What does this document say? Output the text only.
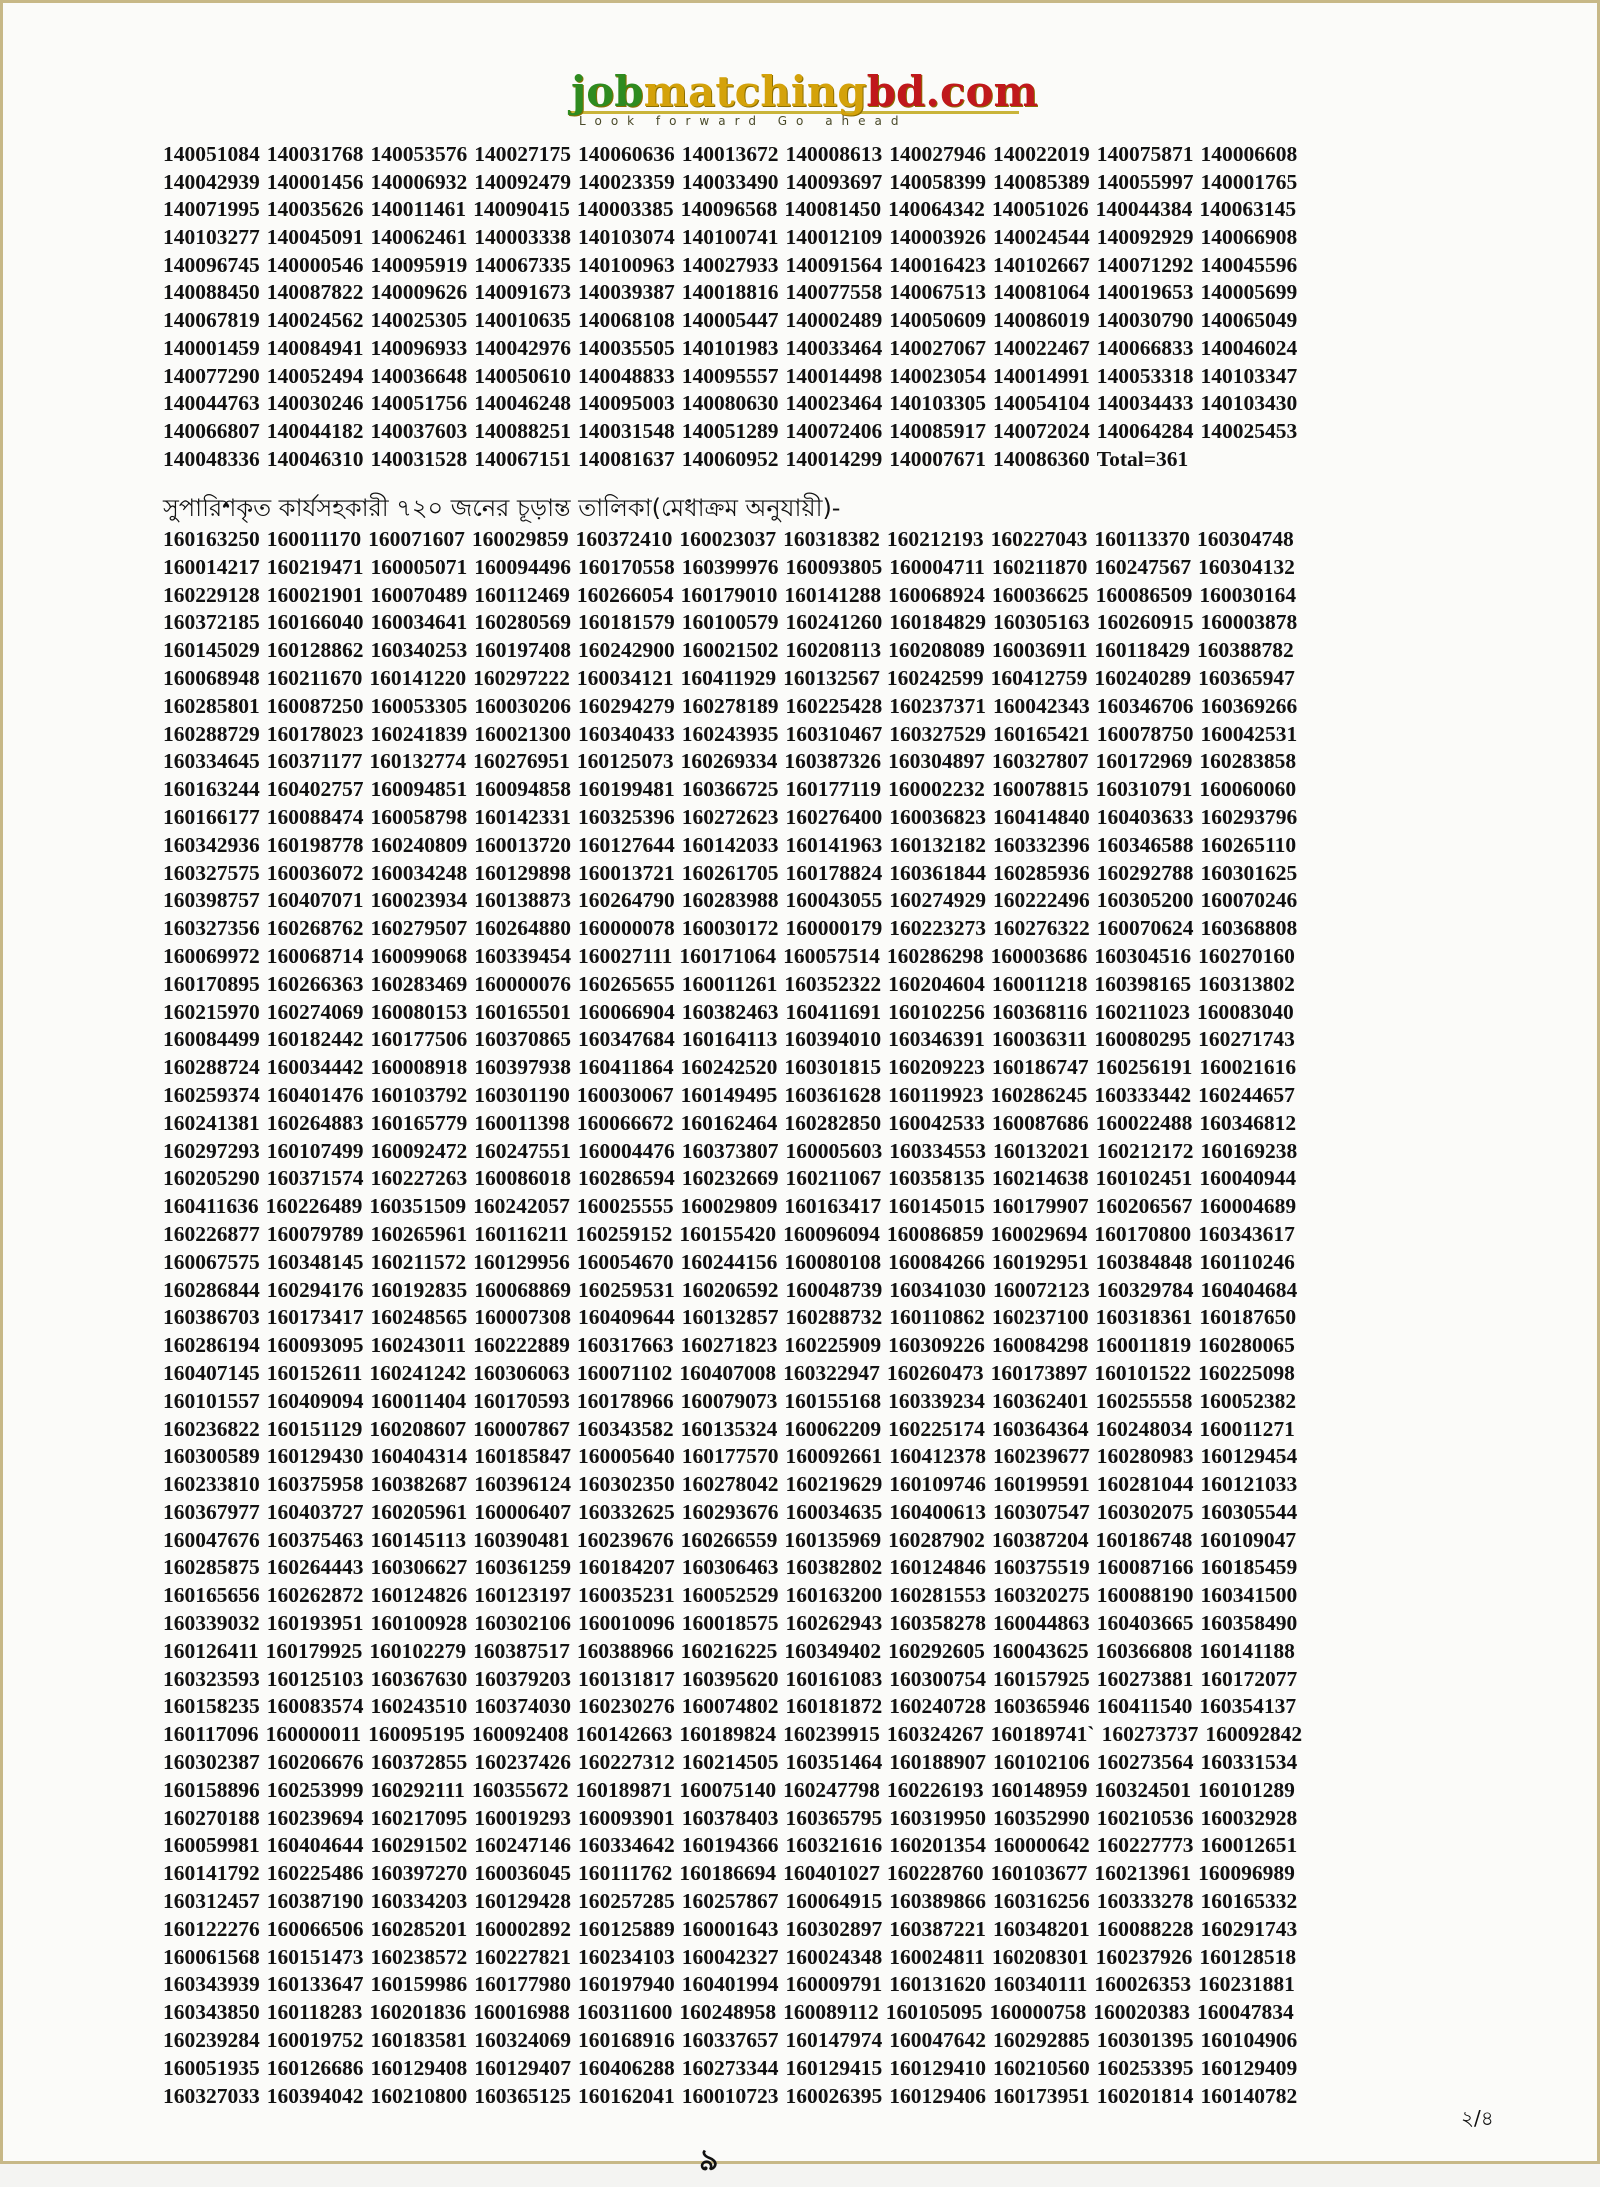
jobmatchingbd.com
Look forward Go ahead
140051084 140031768 140053576 140027175 140060636 140013672 140008613 140027946 140022019 140075871 140006608
140042939 140001456 140006932 140092479 140023359 140033490 140093697 140058399 140085389 140055997 140001765
140071995 140035626 140011461 140090415 140003385 140096568 140081450 140064342 140051026 140044384 140063145
140103277 140045091 140062461 140003338 140103074 140100741 140012109 140003926 140024544 140092929 140066908
140096745 140000546 140095919 140067335 140100963 140027933 140091564 140016423 140102667 140071292 140045596
140088450 140087822 140009626 140091673 140039387 140018816 140077558 140067513 140081064 140019653 140005699
140067819 140024562 140025305 140010635 140068108 140005447 140002489 140050609 140086019 140030790 140065049
140001459 140084941 140096933 140042976 140035505 140101983 140033464 140027067 140022467 140066833 140046024
140077290 140052494 140036648 140050610 140048833 140095557 140014498 140023054 140014991 140053318 140103347
140044763 140030246 140051756 140046248 140095003 140080630 140023464 140103305 140054104 140034433 140103430
140066807 140044182 140037603 140088251 140031548 140051289 140072406 140085917 140072024 140064284 140025453
140048336 140046310 140031528 140067151 140081637 140060952 140014299 140007671 140086360 Total=361
সুপারিশকৃত কার্যসহকারী ৭২০ জনের চূড়ান্ত তালিকা(মেধাক্রম অনুযায়ী)-
160163250 160011170 160071607 160029859 160372410 160023037 160318382 160212193 160227043 160113370 160304748
160014217 160219471 160005071 160094496 160170558 160399976 160093805 160004711 160211870 160247567 160304132
160229128 160021901 160070489 160112469 160266054 160179010 160141288 160068924 160036625 160086509 160030164
160372185 160166040 160034641 160280569 160181579 160100579 160241260 160184829 160305163 160260915 160003878
160145029 160128862 160340253 160197408 160242900 160021502 160208113 160208089 160036911 160118429 160388782
160068948 160211670 160141220 160297222 160034121 160411929 160132567 160242599 160412759 160240289 160365947
160285801 160087250 160053305 160030206 160294279 160278189 160225428 160237371 160042343 160346706 160369266
160288729 160178023 160241839 160021300 160340433 160243935 160310467 160327529 160165421 160078750 160042531
160334645 160371177 160132774 160276951 160125073 160269334 160387326 160304897 160327807 160172969 160283858
160163244 160402757 160094851 160094858 160199481 160366725 160177119 160002232 160078815 160310791 160060060
160166177 160088474 160058798 160142331 160325396 160272623 160276400 160036823 160414840 160403633 160293796
160342936 160198778 160240809 160013720 160127644 160142033 160141963 160132182 160332396 160346588 160265110
160327575 160036072 160034248 160129898 160013721 160261705 160178824 160361844 160285936 160292788 160301625
160398757 160407071 160023934 160138873 160264790 160283988 160043055 160274929 160222496 160305200 160070246
160327356 160268762 160279507 160264880 160000078 160030172 160000179 160223273 160276322 160070624 160368808
160069972 160068714 160099068 160339454 160027111 160171064 160057514 160286298 160003686 160304516 160270160
160170895 160266363 160283469 160000076 160265655 160011261 160352322 160204604 160011218 160398165 160313802
160215970 160274069 160080153 160165501 160066904 160382463 160411691 160102256 160368116 160211023 160083040
160084499 160182442 160177506 160370865 160347684 160164113 160394010 160346391 160036311 160080295 160271743
160288724 160034442 160008918 160397938 160411864 160242520 160301815 160209223 160186747 160256191 160021616
160259374 160401476 160103792 160301190 160030067 160149495 160361628 160119923 160286245 160333442 160244657
160241381 160264883 160165779 160011398 160066672 160162464 160282850 160042533 160087686 160022488 160346812
160297293 160107499 160092472 160247551 160004476 160373807 160005603 160334553 160132021 160212172 160169238
160205290 160371574 160227263 160086018 160286594 160232669 160211067 160358135 160214638 160102451 160040944
160411636 160226489 160351509 160242057 160025555 160029809 160163417 160145015 160179907 160206567 160004689
160226877 160079789 160265961 160116211 160259152 160155420 160096094 160086859 160029694 160170800 160343617
160067575 160348145 160211572 160129956 160054670 160244156 160080108 160084266 160192951 160384848 160110246
160286844 160294176 160192835 160068869 160259531 160206592 160048739 160341030 160072123 160329784 160404684
160386703 160173417 160248565 160007308 160409644 160132857 160288732 160110862 160237100 160318361 160187650
160286194 160093095 160243011 160222889 160317663 160271823 160225909 160309226 160084298 160011819 160280065
160407145 160152611 160241242 160306063 160071102 160407008 160322947 160260473 160173897 160101522 160225098
160101557 160409094 160011404 160170593 160178966 160079073 160155168 160339234 160362401 160255558 160052382
160236822 160151129 160208607 160007867 160343582 160135324 160062209 160225174 160364364 160248034 160011271
160300589 160129430 160404314 160185847 160005640 160177570 160092661 160412378 160239677 160280983 160129454
160233810 160375958 160382687 160396124 160302350 160278042 160219629 160109746 160199591 160281044 160121033
160367977 160403727 160205961 160006407 160332625 160293676 160034635 160400613 160307547 160302075 160305544
160047676 160375463 160145113 160390481 160239676 160266559 160135969 160287902 160387204 160186748 160109047
160285875 160264443 160306627 160361259 160184207 160306463 160382802 160124846 160375519 160087166 160185459
160165656 160262872 160124826 160123197 160035231 160052529 160163200 160281553 160320275 160088190 160341500
160339032 160193951 160100928 160302106 160010096 160018575 160262943 160358278 160044863 160403665 160358490
160126411 160179925 160102279 160387517 160388966 160216225 160349402 160292605 160043625 160366808 160141188
160323593 160125103 160367630 160379203 160131817 160395620 160161083 160300754 160157925 160273881 160172077
160158235 160083574 160243510 160374030 160230276 160074802 160181872 160240728 160365946 160411540 160354137
160117096 160000011 160095195 160092408 160142663 160189824 160239915 160324267 160189741` 160273737 160092842
160302387 160206676 160372855 160237426 160227312 160214505 160351464 160188907 160102106 160273564 160331534
160158896 160253999 160292111 160355672 160189871 160075140 160247798 160226193 160148959 160324501 160101289
160270188 160239694 160217095 160019293 160093901 160378403 160365795 160319950 160352990 160210536 160032928
160059981 160404644 160291502 160247146 160334642 160194366 160321616 160201354 160000642 160227773 160012651
160141792 160225486 160397270 160036045 160111762 160186694 160401027 160228760 160103677 160213961 160096989
160312457 160387190 160334203 160129428 160257285 160257867 160064915 160389866 160316256 160333278 160165332
160122276 160066506 160285201 160002892 160125889 160001643 160302897 160387221 160348201 160088228 160291743
160061568 160151473 160238572 160227821 160234103 160042327 160024348 160024811 160208301 160237926 160128518
160343939 160133647 160159986 160177980 160197940 160401994 160009791 160131620 160340111 160026353 160231881
160343850 160118283 160201836 160016988 160311600 160248958 160089112 160105095 160000758 160020383 160047834
160239284 160019752 160183581 160324069 160168916 160337657 160147974 160047642 160292885 160301395 160104906
160051935 160126686 160129408 160129407 160406288 160273344 160129415 160129410 160210560 160253395 160129409
160327033 160394042 160210800 160365125 160162041 160010723 160026395 160129406 160173951 160201814 160140782
২/৪
৯
